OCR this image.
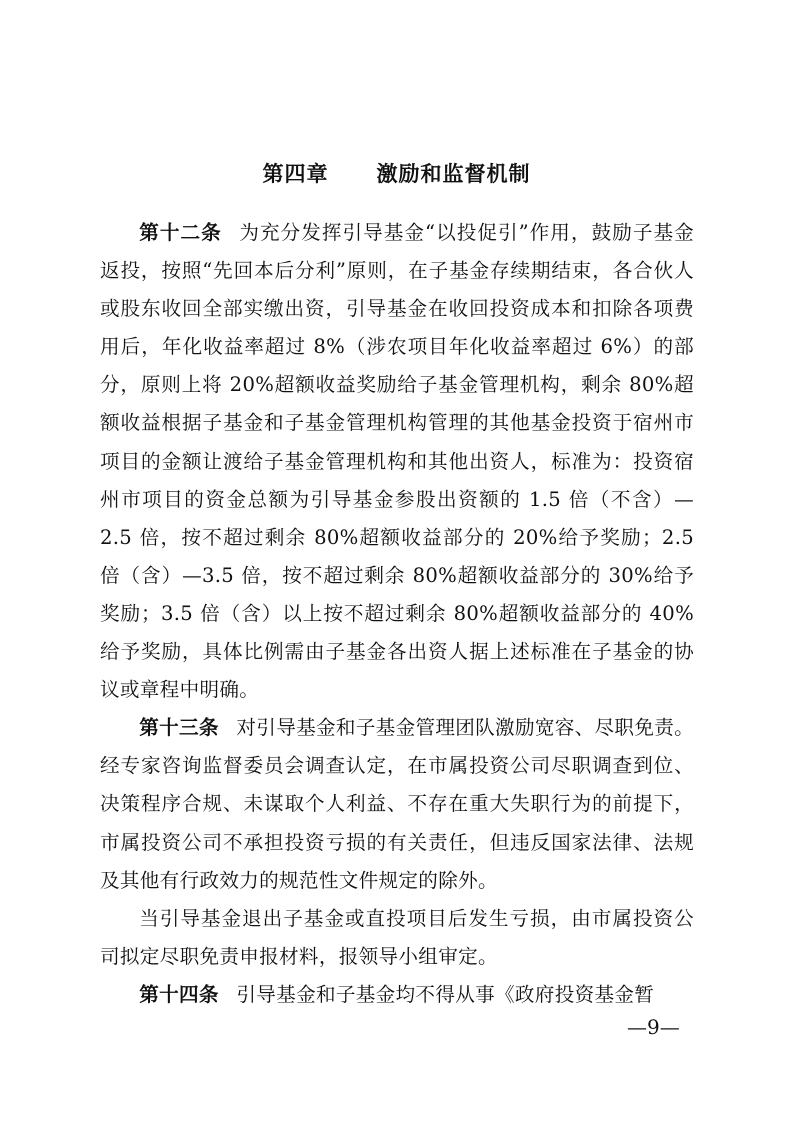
第四章 激励和监督机制

第十二条 为充分发挥引导基金“以投促引”作用，鼓励子基金返投，按照“先回本后分利”原则，在子基金存续期结束，各合伙人或股东收回全部实缴出资，引导基金在收回投资成本和扣除各项费用后，年化收益率超过 8%（涉农项目年化收益率超过 6%）的部分，原则上将 20%超额收益奖励给子基金管理机构，剩余 80%超额收益根据子基金和子基金管理机构管理的其他基金投资于宿州市项目的金额让渡给子基金管理机构和其他出资人，标准为：投资宿州市项目的资金总额为引导基金参股出资额的 1.5 倍（不含）—2.5 倍，按不超过剩余 80%超额收益部分的 20%给予奖励；2.5 倍（含）—3.5 倍，按不超过剩余 80%超额收益部分的 30%给予奖励；3.5 倍（含）以上按不超过剩余 80%超额收益部分的 40%给予奖励，具体比例需由子基金各出资人据上述标准在子基金的协议或章程中明确。

第十三条 对引导基金和子基金管理团队激励宽容、尽职免责。经专家咨询监督委员会调查认定，在市属投资公司尽职调查到位、决策程序合规、未谋取个人利益、不存在重大失职行为的前提下，市属投资公司不承担投资亏损的有关责任，但违反国家法律、法规及其他有行政效力的规范性文件规定的除外。

当引导基金退出子基金或直投项目后发生亏损，由市属投资公司拟定尽职免责申报材料，报领导小组审定。

第十四条 引导基金和子基金均不得从事《政府投资基金暂

—9—
